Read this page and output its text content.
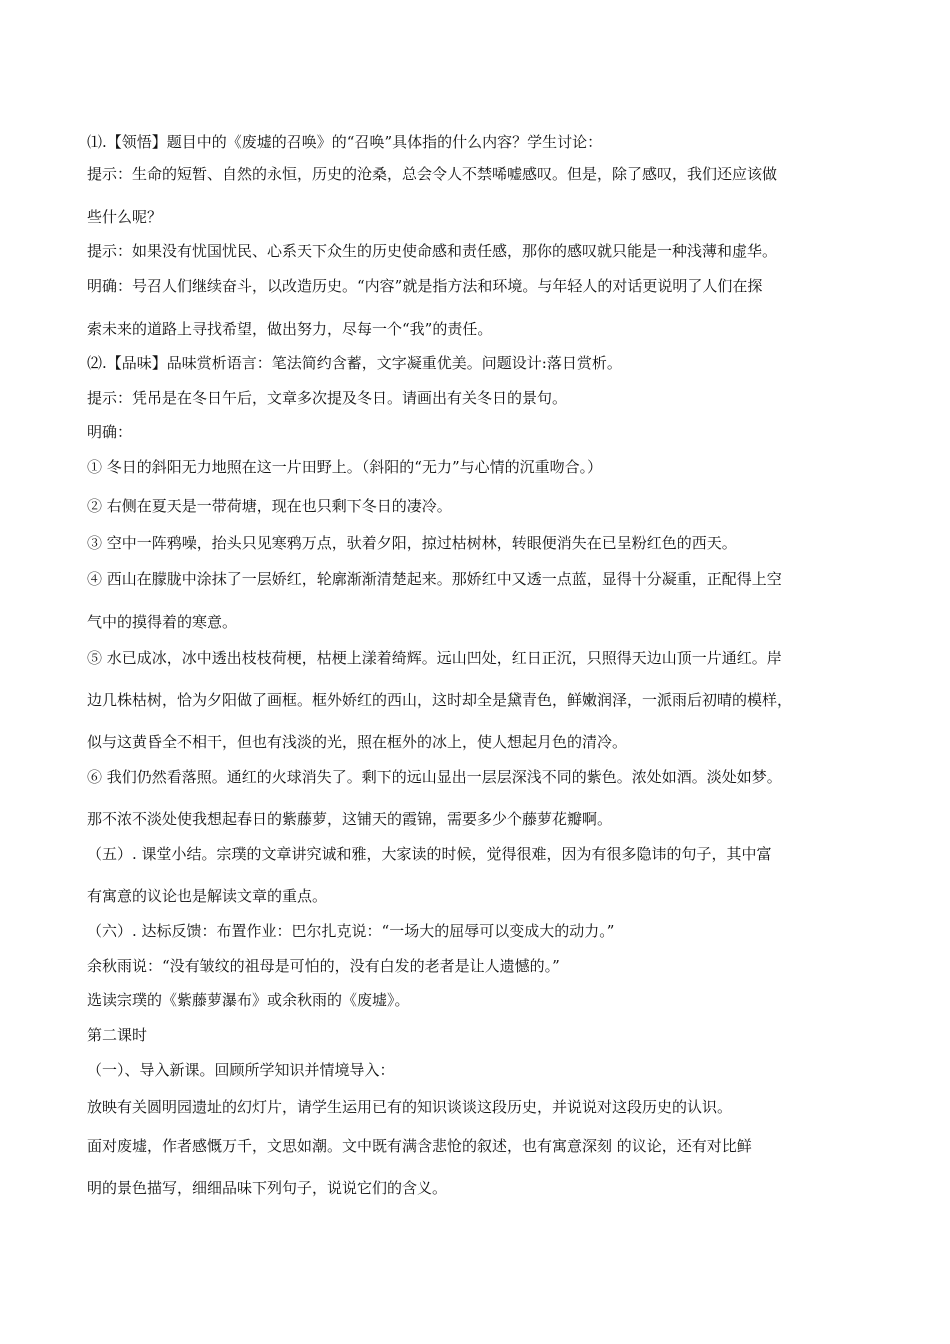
⑴.【领悟】题目中的《废墟的召唤》的“召唤”具体指的什么内容？学生讨论：
提示：生命的短暂、自然的永恒，历史的沧桑，总会令人不禁唏嘘感叹。但是，除了感叹，我们还应该做
些什么呢？
提示：如果没有忧国忧民、心系天下众生的历史使命感和责任感，那你的感叹就只能是一种浅薄和虚华。
明确：号召人们继续奋斗，以改造历史。“内容”就是指方法和环境。与年轻人的对话更说明了人们在探
索未来的道路上寻找希望，做出努力，尽每一个“我”的责任。
⑵.【品味】品味赏析语言：笔法简约含蓄，文字凝重优美。问题设计:落日赏析。
提示：凭吊是在冬日午后，文章多次提及冬日。请画出有关冬日的景句。
明确：
① 冬日的斜阳无力地照在这一片田野上。（斜阳的“无力”与心情的沉重吻合。）
② 右侧在夏天是一带荷塘，现在也只剩下冬日的凄冷。
③ 空中一阵鸦噪，抬头只见寒鸦万点，驮着夕阳，掠过枯树林，转眼便消失在已呈粉红色的西天。
④ 西山在朦胧中涂抹了一层娇红，轮廓渐渐清楚起来。那娇红中又透一点蓝，显得十分凝重，正配得上空
气中的摸得着的寒意。
⑤ 水已成冰，冰中透出枝枝荷梗，枯梗上漾着绮辉。远山凹处，红日正沉，只照得天边山顶一片通红。岸
边几株枯树，恰为夕阳做了画框。框外娇红的西山，这时却全是黛青色，鲜嫩润泽，一派雨后初晴的模样，
似与这黄昏全不相干，但也有浅淡的光，照在框外的冰上，使人想起月色的清冷。
⑥ 我们仍然看落照。通红的火球消失了。剩下的远山显出一层层深浅不同的紫色。浓处如酒。淡处如梦。
那不浓不淡处使我想起春日的紫藤萝，这铺天的霞锦，需要多少个藤萝花瓣啊。
（五）. 课堂小结。宗璞的文章讲究诚和雅，大家读的时候，觉得很难，因为有很多隐讳的句子，其中富
有寓意的议论也是解读文章的重点。
（六）. 达标反馈：布置作业：巴尔扎克说：“一场大的屈辱可以变成大的动力。”
余秋雨说：“没有皱纹的祖母是可怕的，没有白发的老者是让人遗憾的。”
选读宗璞的《紫藤萝瀑布》或余秋雨的《废墟》。
第二课时
（一）、导入新课。回顾所学知识并情境导入：
放映有关圆明园遗址的幻灯片，请学生运用已有的知识谈谈这段历史，并说说对这段历史的认识。
面对废墟，作者感慨万千，文思如潮。文中既有满含悲怆的叙述，也有寓意深刻 的议论，还有对比鲜
明的景色描写，细细品味下列句子，说说它们的含义。
